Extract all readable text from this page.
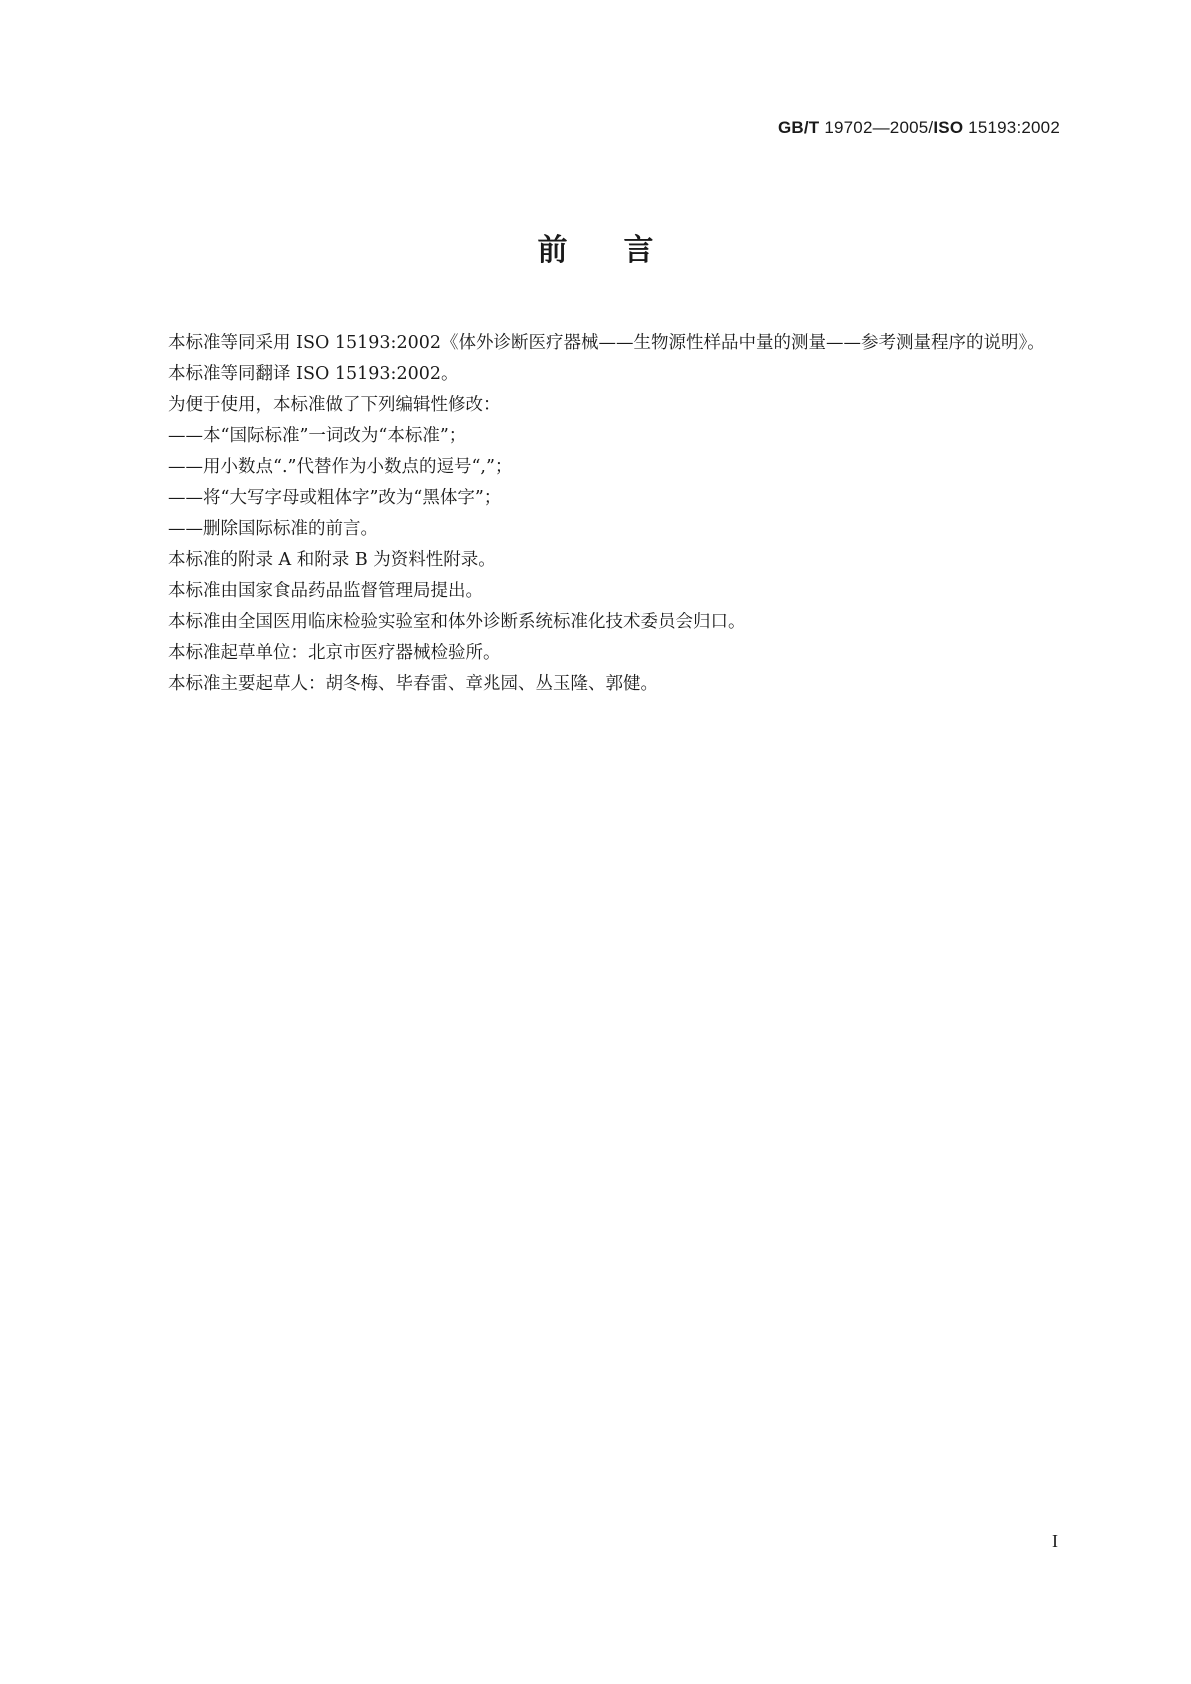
GB/T 19702—2005/ISO 15193:2002
前言

本标准等同采用 ISO 15193:2002《体外诊断医疗器械——生物源性样品中量的测量——参考测量程序的说明》。

本标准等同翻译 ISO 15193:2002。

为便于使用，本标准做了下列编辑性修改：

——本“国际标准”一词改为“本标准”；

——用小数点“.”代替作为小数点的逗号“,”；

——将“大写字母或粗体字”改为“黑体字”；

——删除国际标准的前言。

本标准的附录 A 和附录 B 为资料性附录。

本标准由国家食品药品监督管理局提出。

本标准由全国医用临床检验实验室和体外诊断系统标准化技术委员会归口。

本标准起草单位：北京市医疗器械检验所。

本标准主要起草人：胡冬梅、毕春雷、章兆园、丛玉隆、郭健。

I
